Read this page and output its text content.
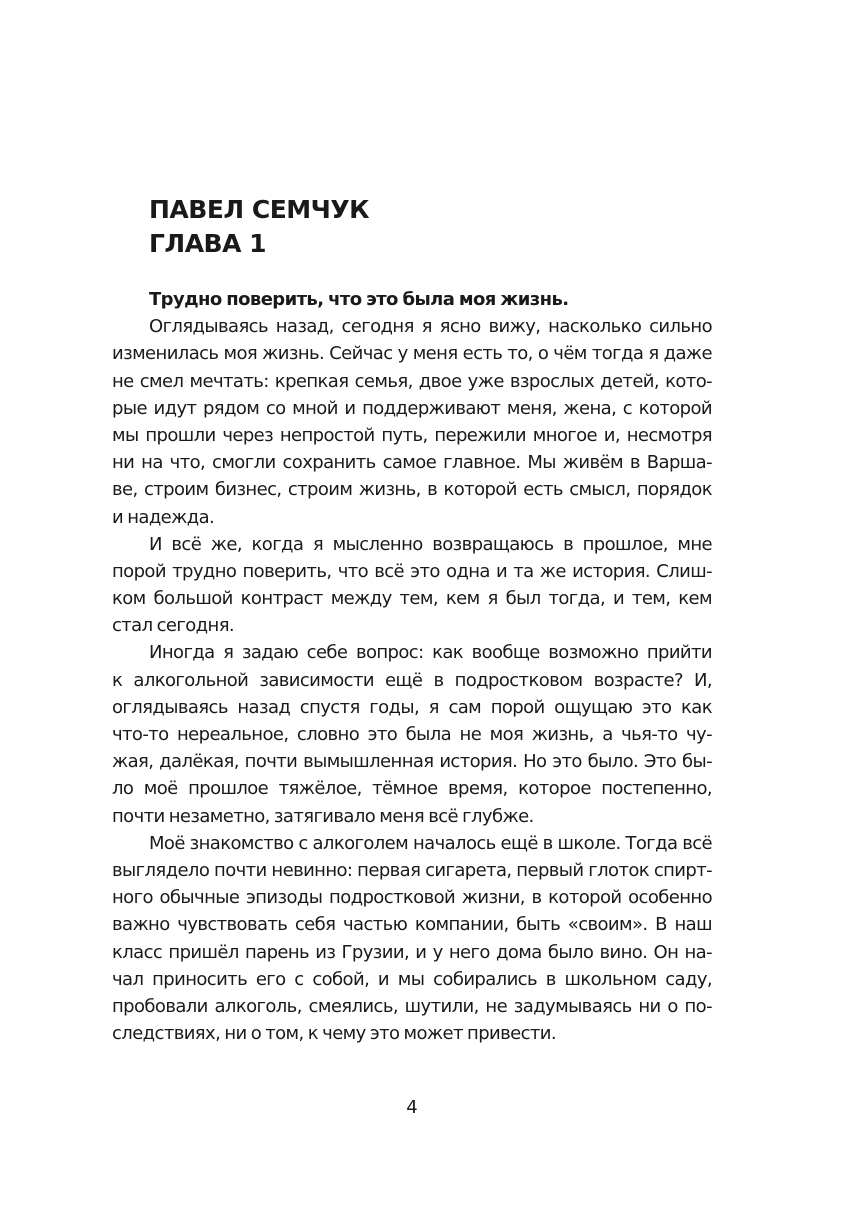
ПАВЕЛ СЕМЧУК
ГЛАВА 1
Трудно поверить, что это была моя жизнь.
Оглядываясь назад, сегодня я ясно вижу, насколько сильно
изменилась моя жизнь. Сейчас у меня есть то, о чём тогда я даже
не смел мечтать: крепкая семья, двое уже взрослых детей, кото-
рые идут рядом со мной и поддерживают меня, жена, с которой
мы прошли через непростой путь, пережили многое и, несмотря
ни на что, смогли сохранить самое главное. Мы живём в Варша-
ве, строим бизнес, строим жизнь, в которой есть смысл, порядок
и надежда.
И всё же, когда я мысленно возвращаюсь в прошлое, мне
порой трудно поверить, что всё это одна и та же история. Слиш-
ком большой контраст между тем, кем я был тогда, и тем, кем
стал сегодня.
Иногда я задаю себе вопрос: как вообще возможно прийти
к алкогольной зависимости ещё в подростковом возрасте? И,
оглядываясь назад спустя годы, я сам порой ощущаю это как
что-то нереальное, словно это была не моя жизнь, а чья-то чу-
жая, далёкая, почти вымышленная история. Но это было. Это бы-
ло моё прошлое тяжёлое, тёмное время, которое постепенно,
почти незаметно, затягивало меня всё глубже.
Моё знакомство с алкоголем началось ещё в школе. Тогда всё
выглядело почти невинно: первая сигарета, первый глоток спирт-
ного обычные эпизоды подростковой жизни, в которой особенно
важно чувствовать себя частью компании, быть «своим». В наш
класс пришёл парень из Грузии, и у него дома было вино. Он на-
чал приносить его с собой, и мы собирались в школьном саду,
пробовали алкоголь, смеялись, шутили, не задумываясь ни о по-
следствиях, ни о том, к чему это может привести.
4
